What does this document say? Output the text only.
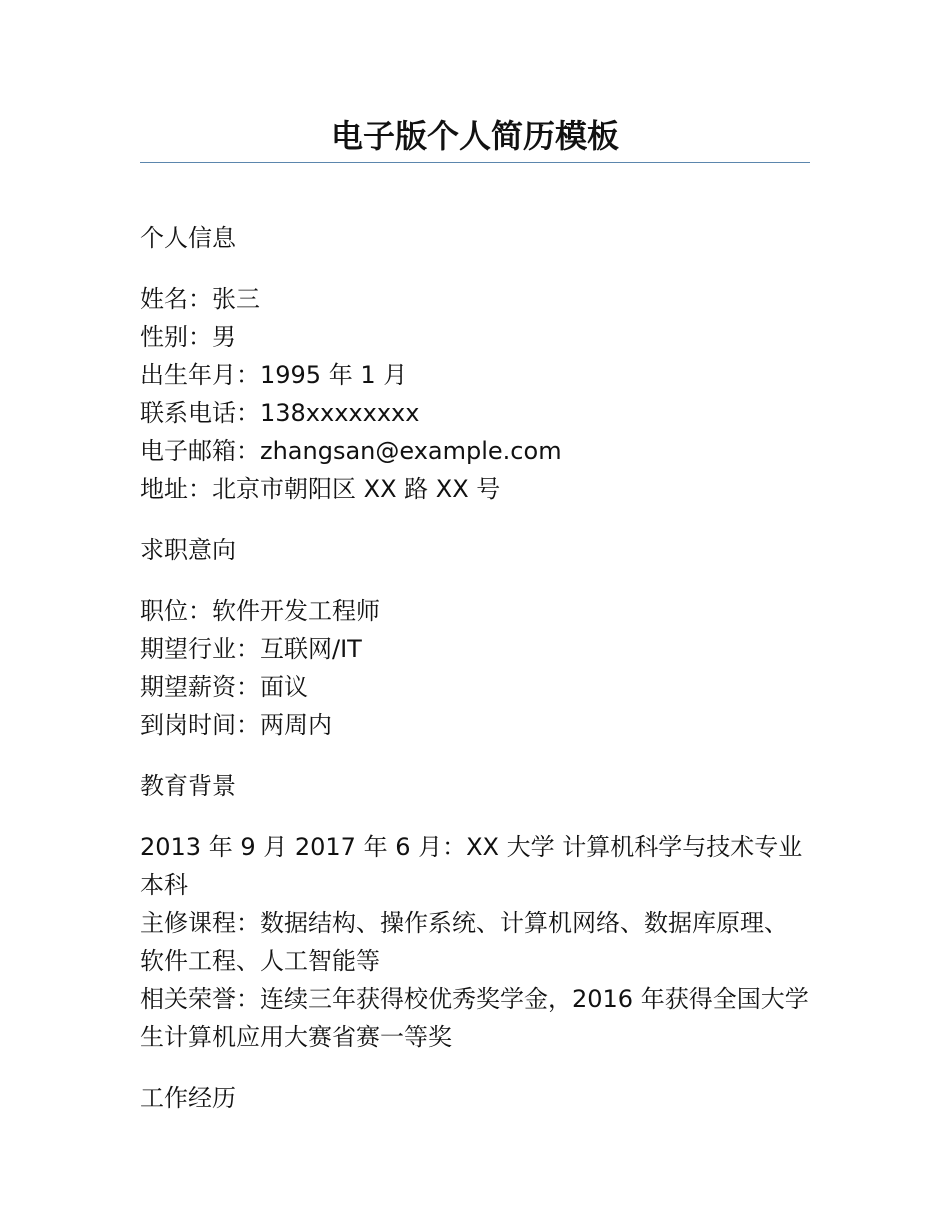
电子版个人简历模板
个人信息
姓名：张三
性别：男
出生年月：1995 年 1 月
联系电话：138xxxxxxxx
电子邮箱：zhangsan@example.com
地址：北京市朝阳区 XX 路 XX 号
求职意向
职位：软件开发工程师
期望行业：互联网/IT
期望薪资：面议
到岗时间：两周内
教育背景
2013 年 9 月 2017 年 6 月：XX 大学 计算机科学与技术专业本科
主修课程：数据结构、操作系统、计算机网络、数据库原理、软件工程、人工智能等
相关荣誉：连续三年获得校优秀奖学金，2016 年获得全国大学生计算机应用大赛省赛一等奖
工作经历
